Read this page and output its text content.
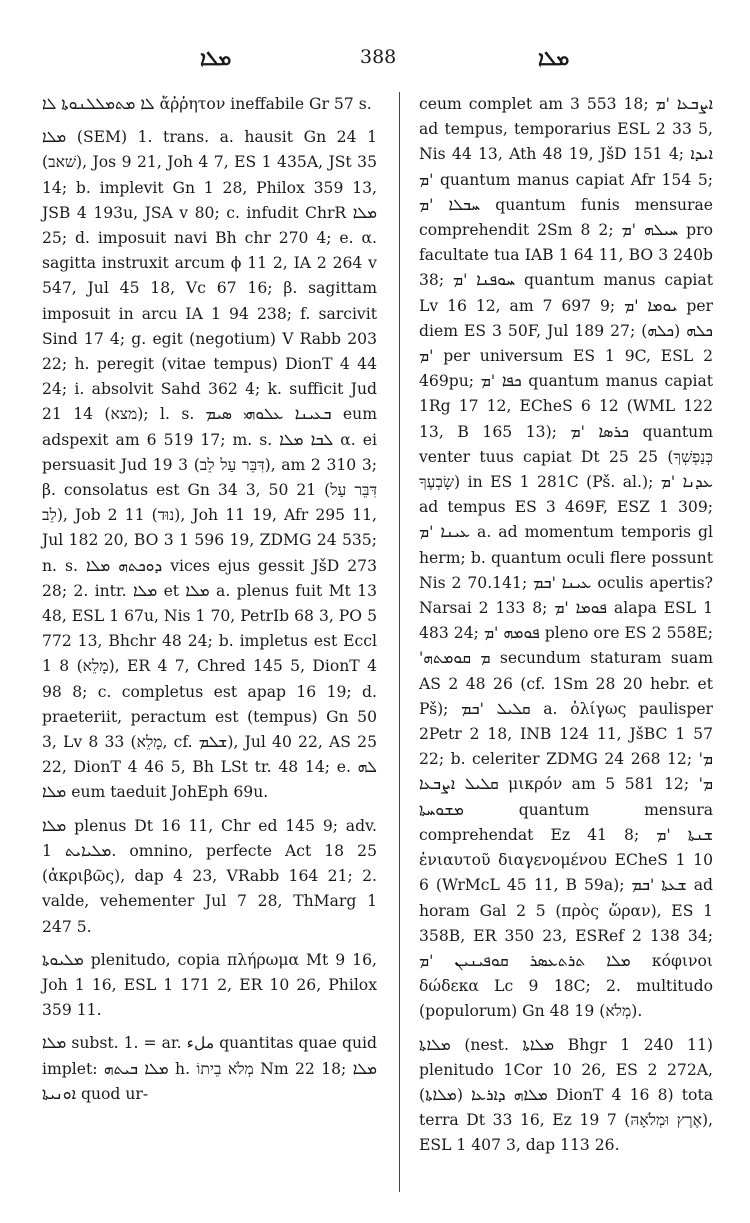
ܡܠܐ	388	ܡܠܐ

ܠܐ ܡܬܡܠܠܢܘܬܐ ܠܐ ἄῤῥητον ineffabile Gr 57 s.

ܡܠܐ (SEM) 1. trans. a. hausit Gn 24 1 (שׁאב), Jos 9 21, Joh 4 7, ES 1 435A, JSt 35 14; b. implevit Gn 1 28, Philox 359 13, JSB 4 193u, JSA v 80; c. infudit ChrR ܡܠܐ 25; d. imposuit navi Bh chr 270 4; e. α. sagitta instruxit arcum ϕ 11 2, IA 2 264 v 547, Jul 45 18, Vc 67 16; β. sagittam imposuit in arcu IA 1 94 238; f. sarcivit Sind 17 4; g. egit (negotium) V Rabb 203 22; h. peregit (vitae tempus) DionT 4 44 24; i. absolvit Sahd 362 4; k. sufficit Jud 21 14 (מצא); l. s. ܒܥܝܢܐ ܥܠܘܗܝ ܣܝܡ eum adspexit am 6 519 17; m. s. ܠܒܐ ܡܠܐ α. ei persuasit Jud 19 3 (דִּבֵּר עַל לֵב), am 2 310 3; β. consolatus est Gn 34 3, 50 21 (דִּבֵּר עַל לֵב), Job 2 11 (נוּד), Joh 11 19, Afr 295 11, Jul 182 20, BO 3 1 596 19, ZDMG 24 535; n. s. ܕܘܟܬܗ ܡܠܐ vices ejus gessit JšD 273 28; 2. intr. ܡܠܐ et ܡܠܐ a. plenus fuit Mt 13 48, ESL 1 67u, Nis 1 70, PetrIb 68 3, PO 5 772 13, Bhchr 48 24; b. impletus est Eccl 1 8 (מָלֵא), ER 4 7, Chred 145 5, DionT 4 98 8; c. completus est apap 16 19; d. praeteriit, peractum est (tempus) Gn 50 3, Lv 8 33 (מָלֵא, cf. ܫܠܡ), Jul 40 22, AS 25 22, DionT 4 46 5, Bh LSt tr. 48 14; e. ܠܗ ܡܠܐ eum taeduit JohEph 69u.

ܡܠܐ plenus Dt 16 11, Chr ed 145 9; adv. ܡܠܝܐܝܬ 1. omnino, perfecte Act 18 25 (ἀκριβῶς), dap 4 23, VRabb 164 21; 2. valde, vehementer Jul 7 28, ThMarg 1 247 5.

ܡܠܝܘܬܐ plenitudo, copia πλήρωμα Mt 9 16, Joh 1 16, ESL 1 171 2, ER 10 26, Philox 359 11.

ܡܠܐ subst. 1. = ar. ملء quantitas quae quid implet: ܡܠܐ ܒܝܬܗ h. מְלֹא בֵיתוֹ Nm 22 18; ܡܠܐ ܐܘܢܝܬܐ quod ur-

ceum complet am 3 553 18; ܐܨܒܥܐ 'ܡ ad tempus, temporarius ESL 2 33 5, Nis 44 13, Ath 48 19, JšD 151 4; ܐܝܕܐ 'ܡ quantum manus capiat Afr 154 5; ܚܒܠܐ 'ܡ quantum funis mensurae comprehendit 2Sm 8 2; ܚܝܠܗ 'ܡ pro facultate tua IAB 1 64 11, BO 3 240b 38; ܚܘܦܢܐ 'ܡ quantum manus capiat Lv 16 12, am 7 697 9; ܝܘܡܐ 'ܡ per diem ES 3 50F, Jul 189 27; (ܟܠܗ) ܟܠܗ 'ܡ per universum ES 1 9C, ESL 2 469pu; ܟܦܐ 'ܡ quantum manus capiat 1Rg 17 12, ECheS 6 12 (WML 122 13, B 165 13); ܟܪܣܐ 'ܡ quantum venter tuus capiat Dt 25 25 (כְּנַפְשְׁךָ שָׂבְעֶךָ) in ES 1 281C (Pš. al.); ܥܕܢܐ 'ܡ ad tempus ES 3 469F, ESZ 1 309; ܥܝܢܐ 'ܡ a. ad momentum temporis gl herm; b. quantum oculi flere possunt Nis 2 70.141; ܥܝܢܐ 'ܒܡ oculis apertis? Narsai 2 133 8; ܦܘܡܐ 'ܡ alapa ESL 1 483 24; ܦܘܡܗ 'ܡ pleno ore ES 2 558E; 'ܡ ܩܘܡܬܗ secundum staturam suam AS 2 48 26 (cf. 1Sm 28 20 hebr. et Pš); ܩܠܝܠ 'ܒܡ a. ὀλίγως paulisper 2Petr 2 18, INB 124 11, JšBC 1 57 22; b. celeriter ZDMG 24 268 12; 'ܡ ܩܠܝܠ ܐܨܒܥܐ μικρόν am 5 581 12; 'ܡ ܡܫܘܚܬܐ quantum mensura comprehendat Ez 41 8; ܫܢܬܐ 'ܡ ἐνιαυτοῦ διαγενομένου ECheS 1 10 6 (WrMcL 45 11, B 59a); ܫܥܬܐ 'ܒܡ ad horam Gal 2 5 (πρὸς ὥραν), ES 1 358B, ER 350 23, ESRef 2 138 34; ܡܠܐ ܬܪܬܥܣܪ ܩܘܦܝܢܝܢ 'ܡ κόφινοι δώδεκα Lc 9 18C; 2. multitudo (populorum) Gn 48 19 (מְלֹא).

ܡܠܐܬܐ (nest. ܡܠܐܬܐ Bhgr 1 240 11) plenitudo 1Cor 10 26, ES 2 272A, ܡܠܐܗ ܕܐܪܥܐ (ܡܠܐܬܐ) DionT 4 16 8) tota terra Dt 33 16, Ez 19 7 (אֶרֶץ וּמְלֹאָהּ), ESL 1 407 3, dap 113 26.
